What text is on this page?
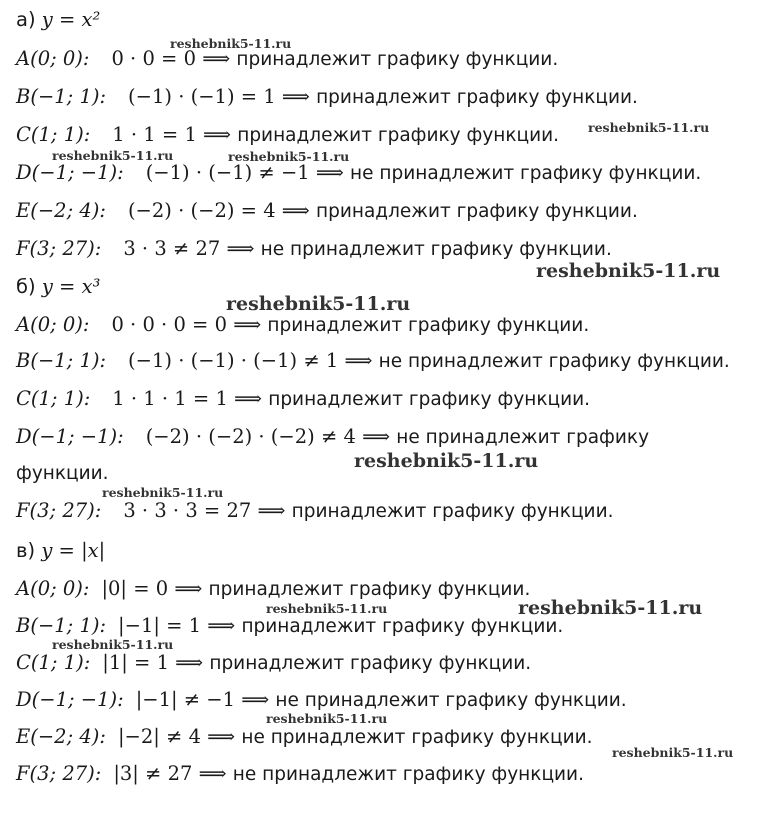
а) y = x²
A(0; 0): 0 · 0 = 0 ⟹ принадлежит графику функции.
B(−1; 1): (−1) · (−1) = 1 ⟹ принадлежит графику функции.
C(1; 1): 1 · 1 = 1 ⟹ принадлежит графику функции.
D(−1; −1): (−1) · (−1) ≠ −1 ⟹ не принадлежит графику функции.
E(−2; 4): (−2) · (−2) = 4 ⟹ принадлежит графику функции.
F(3; 27): 3 · 3 ≠ 27 ⟹ не принадлежит графику функции.
б) y = x³
A(0; 0): 0 · 0 · 0 = 0 ⟹ принадлежит графику функции.
B(−1; 1): (−1) · (−1) · (−1) ≠ 1 ⟹ не принадлежит графику функции.
C(1; 1): 1 · 1 · 1 = 1 ⟹ принадлежит графику функции.
D(−1; −1): (−2) · (−2) · (−2) ≠ 4 ⟹ не принадлежит графику
функции.
F(3; 27): 3 · 3 · 3 = 27 ⟹ принадлежит графику функции.
в) y = |x|
A(0; 0): |0| = 0 ⟹ принадлежит графику функции.
B(−1; 1): |−1| = 1 ⟹ принадлежит графику функции.
C(1; 1): |1| = 1 ⟹ принадлежит графику функции.
D(−1; −1): |−1| ≠ −1 ⟹ не принадлежит графику функции.
E(−2; 4): |−2| ≠ 4 ⟹ не принадлежит графику функции.
F(3; 27): |3| ≠ 27 ⟹ не принадлежит графику функции.
reshebnik5-11.ru
reshebnik5-11.ru
reshebnik5-11.ru	reshebnik5-11.ru
reshebnik5-11.ru
reshebnik5-11.ru
reshebnik5-11.ru
reshebnik5-11.ru
reshebnik5-11.ru	reshebnik5-11.ru
reshebnik5-11.ru
reshebnik5-11.ru
reshebnik5-11.ru
